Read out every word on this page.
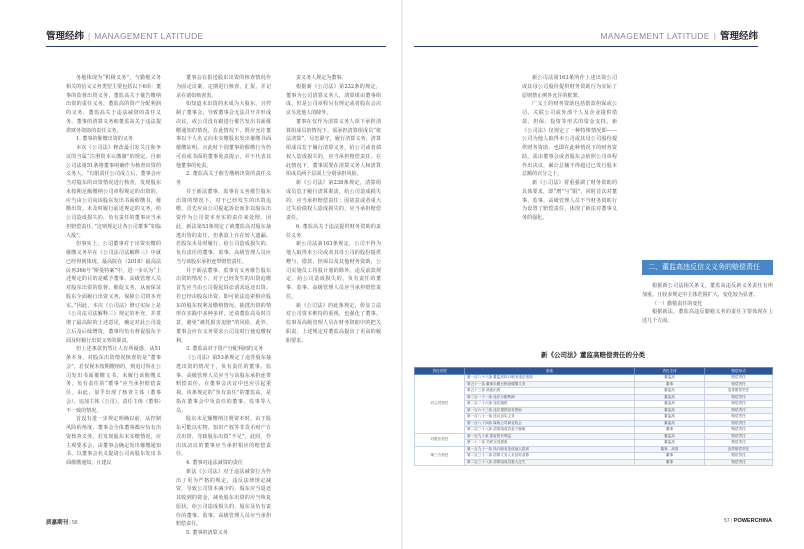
管理经纬 | MANAGEMENT LATITUDE

务地体现为“积极义务”，与勤勉义务相关的信义义务类型主要包括以下6项：董事的监督出资义务、董监高关于催告缴纳出资的责任义务、董监高的资产分配利润的义务、董监高关于违法减资的责任义务、董事的清算义务和董监高关于违法提供财务资助的责任义务。

1. 董事的催缴出资的义务

本次《公司法》修改最引发关注和争议的当属“注册资本认缴制”的规定。自新公司法第51条将董事明确作为核查出资的义务人，“有限责任公司成立后，董事会应当对股东的出资情况进行核查，发现股东未按期足额缴纳公司章程规定的出资的，应当由公司向该股东发出书面催缴书，催缴出资。未及时履行前述规定的义务，给公司造成损失的，负有责任的董事应当承担赔偿责任。”这则规定让各公司董事“如临大敌”。

但事实上，公司董事对于出资实缴的催缴义务早在《公司法司法解释三》中就已经得到体现。最高院在（2018）最高法民再366号“斯曼特案”中，进一步认为“上述规定的目的是赋予董事、高级管理人员对股东出资的监督、催促义务，从而保证股东全面履行出资义务，保障公司资本充实。”因此，本次《公司法》修订实际上是《公司法司法解释三》规定的补充，并贯彻了最高院的上述意见，确定对此公司设立后及后续增资，董事均负有督促股东全面及时履行出资义务的职责。

但上述条款仍然让人有所疑惑，从51条本身，对股东出资情况核查的是“董事会”，若仅视未按期缴纳的，则追讨所在公司发出书面催缴文书，未履行该催缴义务，负有责任的“董事”应当承担赔偿责任。由此，似乎出现了核查主体（董事会）、追加主体（公司）、责任主体（董事）不一致的情况。

首没有进一步规定明确以前，从控制风险的角度，董事会全体董事都应负有出资核查义务。若发现股东未实缴情况，应主观要求会，由董事会确定发出催缴通知书，以董事会名义提请公司向股东发出书面催缴通知，且建议

董事会在报送股东出资的核查情况作为固定议案，定期进行核查、汇报，并记录在诸如核查表。

如知道未出资的未成为大股东，且控制了董事会，导致董事会无法召开并形成决议，或公司没有跟进行催告发出书面催缴通知的情况，在此情况下，既应允许董事以个人名义向未实缴股东发出催缴书面催缴证明，且此时个别董事的催缴行为仍可看成书面的董事免责提示，并不代表其他董事的免责。

2. 董监高关于催告缴纳出资的责任义务

并于新法董事、监事有义务催告股东出资的情况下，对于已经发生的出资追缴，首先应由公司提起诉讼而非以股东出资作为公司资本充实的责任来处理。因此，新法第53条规定了就董监高对股东抽逃出资的责任，但条款上存在较大遗漏。若股东未及时履行，给公司造成损失的，负有责任的董事、监事、高级管理人员应当与该股东承担连带赔偿责任。

并于新法董事、监事有义务催告股东出资的情况下，对于已经发生的出资追缴首先应当由公司提起诉讼请求返还出资。若已经由股东出资，即可依法追索相应股东的股东权利及缴纳情况。抽逃出资的情形在实践中多种多样，还请董监高及时注意，避免“被托损害追赔”的风险，此外，董事会应有义务要求公司及时行使追缴权利。

3. 董监高对于资产分配利润的义务

《公司法》第53条规定了违背股东抽逃出资的情况下，负有责任的董事、监事、高级管理人员应当与该股东承担连带赔偿责任，在董事会决议中也应引起重视。该条规定的“负有责任”的董监高，是指在董事会中负责任的董事、监事等人员。

股东未足额缴纳注册资本时，由于股东可能以实物、知识产权等非货币财产方式出资，导致股东出资“不足”，此时，作出该决议的董事应当承担相应的赔偿责任。

4. 董事对违法减资的责任

新法《公司法》对于违法减资行为作出了更为严格的规定，违反法律规定减资，导致公司资本减少的，股东应当退还其收到的资金，减免股东出资的应当恢复原状；给公司造成损失的，股东及负有责任的董事、监事、高级管理人员应当承担赔偿责任。

5. 董事的清算义务

责义务人规定为董事。

根据新《公司法》第232条的规定，董事为公司清算义务人，清算组由董事组成，但是公司章程另有规定或者股东会决议另选他人的除外。

董事在仅作为清算义务人项下承担清算组成员的情况下，需承担清算组成员“依法清算”，尽忠职守，履行清算义务；清算组成员怠于履行清算义务，给公司或者债权人造成损失的，应当承担赔偿责任。在此情况下，董事需要在清算义务人和清算组成员两个层面上分别承担风险。

新《公司法》第238条规定，清算组成员怠于履行清算职责，给公司造成损失的，应当承担赔偿责任；因故意或者重大过失给债权人造成损失的，应当承担赔偿责任。

6. 董监高关于违法提供财务资助的责任义务

新公司法第163条规定，公司不得为他人取得本公司或者其母公司的股份提供赠与、借款、担保以及其他财务资助，公司实施员工持股计划的除外。违反前款规定，给公司造成损失的，负有责任的董事、监事、高级管理人员应当承担赔偿责任。

新《公司法》的此条规定，彰显立法对公司资本维持的重视，也强化了董事、监事及高级管理人员在财务资助中的把关职责，上述规定对董监高提出了更高的履职要求。

质嘉期刊 | 56
MANAGEMENT LATITUDE | 管理经纬

新公司法第163条所作上述出资公司或其母公司股份提供财务资助行为实际了原则禁止例外允许的框架。

广义上的财务资助包括借款担保或公司、关联公司或外部个人及企业提供借款、担保、投资等形式的资金支持。新《公司法》仅规定了一种特殊情况即——公司为他人取得本公司或其母公司股份提供财务资助。也即在此种情况下的财务资助，需由董事会或者股东会依照公司章程作出决议，累计总额不得超过已发行股本总额的百分之十。

新《公司法》着重强调了财务资助的具体要求，即“增”与“限”，同时首次对董事、监事、高级管理人员不当财务资助行为设置了赔偿责任，体现了新法对董事义务的强化。

二、董监高违反信义义务的赔偿责任

根据新公司法相关条文，董监高违反新义务责任有所加重。且较多规定中主体范围扩大，变化较为显著。

（一）勤勉责任的变化

根据新法，董监高违反勤勉义务的责任主要体现在上述几个方面。

新《公司法》董监高赔偿责任的分类
责任类型	条款	责任主体	赔偿形式
对公司责任	第一百八十八条 董监高执行职务违法违规	董监高	赔偿责任
	第五十一条 董事未履行核查催缴义务	董事	赔偿责任
	第五十三条 抽逃出资	董监高	连带赔偿责任
	第二百一十一条 违法分配利润	董监高	赔偿责任
	第二百二十六条 违法减资	董监高	赔偿责任
	第一百六十三条 违法提供财务资助	董监高	赔偿责任
	第一百八十一条 违反忠实义务	董监高	赔偿责任
	第一百八十四条 谋取公司商业机会	董监高	赔偿责任
	第二百三十八条 清算组成员怠于履职	董事	赔偿责任
对股东责任	第一百九十条 损害股东利益	董监高	赔偿责任
	第二十二条 关联交易损害	董监高	赔偿责任
第三方责任	第一百九十一条 执行职务造成他人损害	董事、高管	连带赔偿责任
	第二百三十二条 清算义务人未及时清算	董事	赔偿责任
	第二百三十八条 清算组成员重大过失	董事	赔偿责任
57 | POWERCHINA
